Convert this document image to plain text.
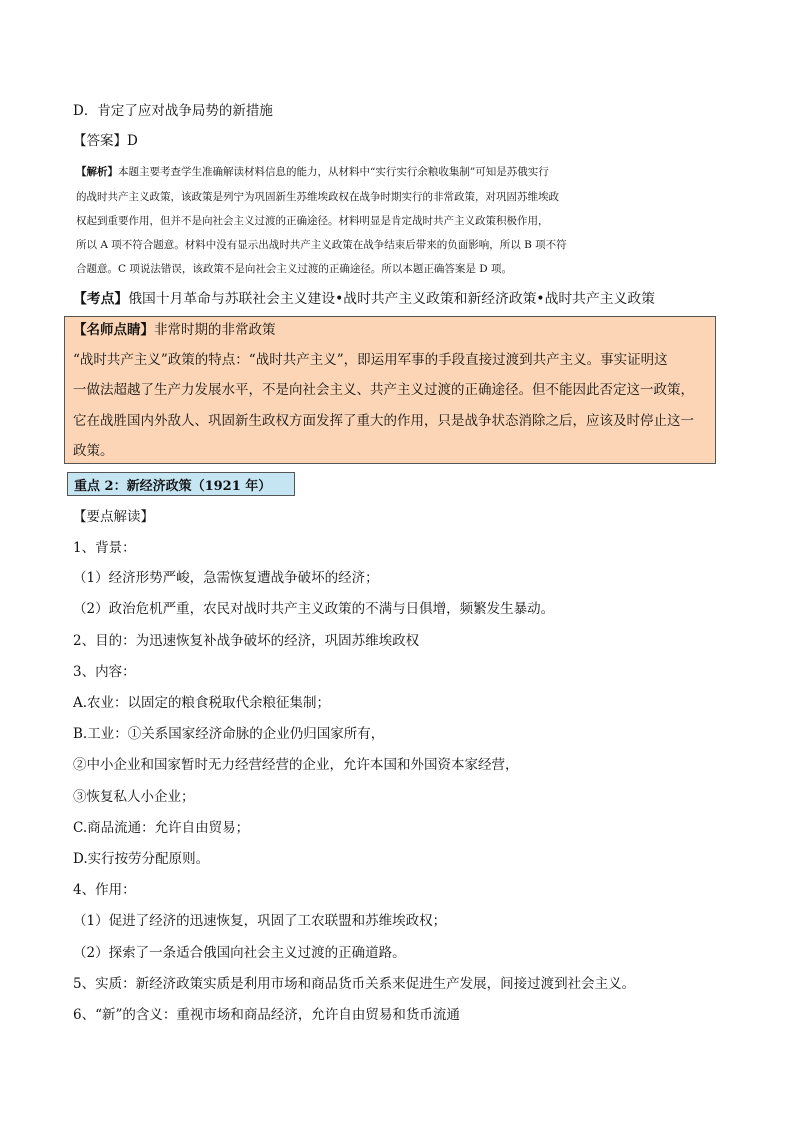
D．肯定了应对战争局势的新措施
【答案】D
【解析】本题主要考查学生准确解读材料信息的能力，从材料中“实行实行余粮收集制”可知是苏俄实行
的战时共产主义政策，该政策是列宁为巩固新生苏维埃政权在战争时期实行的非常政策，对巩固苏维埃政
权起到重要作用，但并不是向社会主义过渡的正确途径。材料明显是肯定战时共产主义政策积极作用，
所以 A 项不符合题意。材料中没有显示出战时共产主义政策在战争结束后带来的负面影响，所以 B 项不符
合题意。C 项说法错误，该政策不是向社会主义过渡的正确途径。所以本题正确答案是 D 项。
【考点】俄国十月革命与苏联社会主义建设•战时共产主义政策和新经济政策•战时共产主义政策
【名师点睛】非常时期的非常政策
“战时共产主义”政策的特点：“战时共产主义”，即运用军事的手段直接过渡到共产主义。事实证明这
一做法超越了生产力发展水平，不是向社会主义、共产主义过渡的正确途径。但不能因此否定这一政策，
它在战胜国内外敌人、巩固新生政权方面发挥了重大的作用，只是战争状态消除之后，应该及时停止这一
政策。
重点 2：新经济政策（1921 年）
【要点解读】
1、背景：
（1）经济形势严峻，急需恢复遭战争破坏的经济；
（2）政治危机严重，农民对战时共产主义政策的不满与日俱增，频繁发生暴动。
2、目的：为迅速恢复补战争破坏的经济，巩固苏维埃政权
3、内容：
A.农业：以固定的粮食税取代余粮征集制；
B.工业：①关系国家经济命脉的企业仍归国家所有，
②中小企业和国家暂时无力经营经营的企业，允许本国和外国资本家经营，
③恢复私人小企业；
C.商品流通：允许自由贸易；
D.实行按劳分配原则。
4、作用：
（1）促进了经济的迅速恢复，巩固了工农联盟和苏维埃政权；
（2）探索了一条适合俄国向社会主义过渡的正确道路。
5、实质：新经济政策实质是利用市场和商品货币关系来促进生产发展，间接过渡到社会主义。
6、“新”的含义：重视市场和商品经济，允许自由贸易和货币流通
